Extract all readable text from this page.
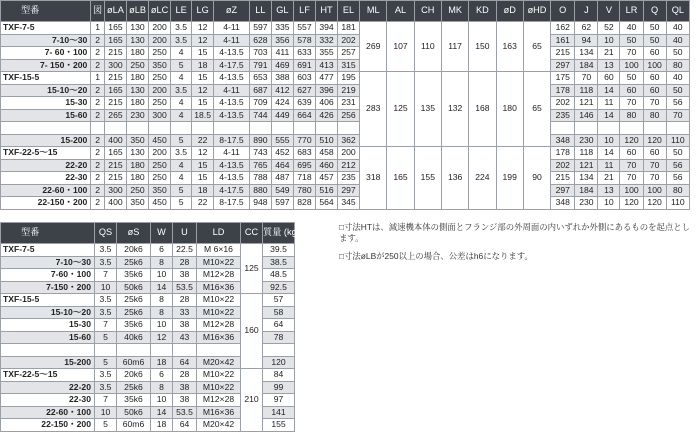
型番	図	øLA	øLB	øLC	LE	LG	øZ	LL	GL	LF	HT	EL	ML	AL	CH	MK	KD	øD	øHD	O	J	V	LR	Q	QL
TXF-7-5	1	165	130	200	3.5	12	4-11	597	335	557	394	181	269	107	110	117	150	163	65	162	62	52	40	50	40
7-10～30	2	165	130	200	3.5	12	4-11	628	356	578	332	202								161	94	10	50	50	40
7- 60・100	2	215	180	250	4	15	4-13.5	703	411	633	355	257								215	134	21	70	60	50
7- 150・200	2	300	250	350	5	18	4-17.5	791	469	691	413	315								297	184	13	100	100	80
TXF-15-5	1	215	180	250	4	15	4-13.5	653	388	603	477	195	283	125	135	132	168	180	65	175	70	60	50	60	40
15-10～20	2	165	130	200	3.5	12	4-11	687	412	627	396	219								178	118	14	60	60	50
15-30	2	215	180	250	4	15	4-13.5	709	424	639	406	231								202	121	11	70	70	56
15-60	2	265	230	300	4	18.5	4-13.5	744	449	664	426	256								235	146	14	80	80	70

15-200	2	400	350	450	5	22	8-17.5	890	555	770	510	362								348	230	10	120	120	110
TXF-22-5～15	2	165	130	200	3.5	12	4-11	743	452	683	458	200	318	165	155	136	224	199	90	178	118	14	60	60	50
22-20	2	215	180	250	4	15	4-13.5	765	464	695	460	212								202	121	11	70	70	56
22-30	2	215	180	250	4	15	4-13.5	788	487	718	457	235								215	134	21	70	70	56
22-60・100	2	300	250	350	5	18	4-17.5	880	549	780	516	297								297	184	13	100	100	80
22-150・200	2	400	350	450	5	22	8-17.5	948	597	828	564	345								348	230	10	120	120	110
型番	QS	øS	W	U	LD	CC	質量 (kg)
TXF-7-5	3.5	20k6	6	22.5	M 6×16	125	39.5
7-10～30	3.5	25k6	8	28	M10×22		38.5
7-60・100	7	35k6	10	38	M12×28		48.5
7-150・200	10	50k6	14	53.5	M16×36		92.5
TXF-15-5	3.5	25k6	8	28	M10×22	160	57
15-10～20	3.5	25k6	8	33	M10×22		58
15-30	7	35k6	10	38	M12×28		64
15-60	5	40k6	12	43	M16×36		78

15-200	5	60m6	18	64	M20×42		120
TXF-22-5～15	3.5	20k6	6	28	M10×22	210	84
22-20	3.5	25k6	8	38	M10×22		99
22-30	7	35k6	10	38	M12×28		97
22-60・100	10	50k6	14	53.5	M16×36		141
22-150・200	5	60m6	18	64	M20×42		155
□寸法HTは、減速機本体の側面とフランジ部の外周面の内いずれか外側にあるものを起点とします。
□寸法øLBが250以上の場合、公差はh6になります。
